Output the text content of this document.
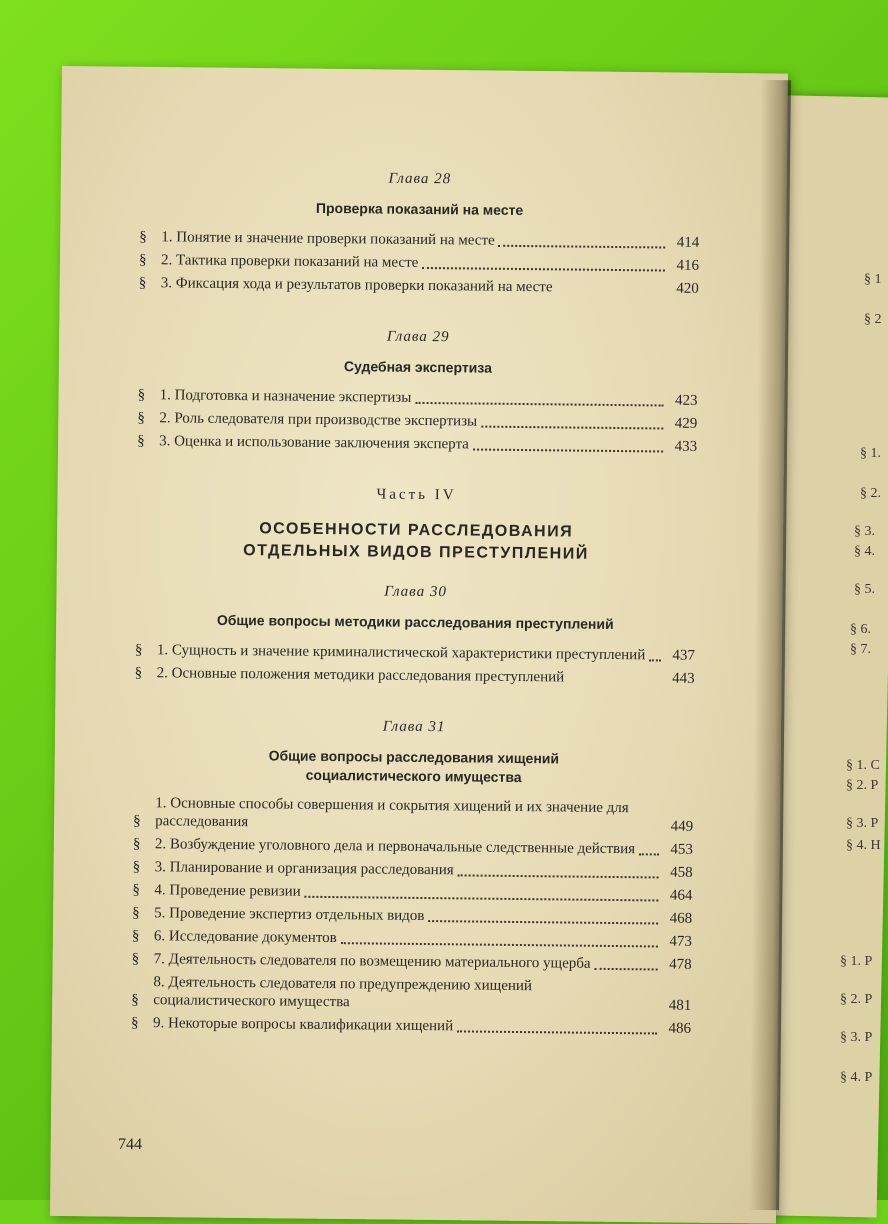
Глава 28
Проверка показаний на месте
§ 1. Понятие и значение проверки показаний на месте	414
§ 2. Тактика проверки показаний на месте	416
§ 3. Фиксация хода и результатов проверки показаний на месте	420
Глава 29
Судебная экспертиза
§ 1. Подготовка и назначение экспертизы	423
§ 2. Роль следователя при производстве экспертизы	429
§ 3. Оценка и использование заключения эксперта	433
Часть IV
ОСОБЕННОСТИ РАССЛЕДОВАНИЯ
ОТДЕЛЬНЫХ ВИДОВ ПРЕСТУПЛЕНИЙ
Глава 30
Общие вопросы методики расследования преступлений
§ 1. Сущность и значение криминалистической характеристики преступлений	437
§ 2. Основные положения методики расследования преступлений	443
Глава 31
Общие вопросы расследования хищений
социалистического имущества
§
1. Основные способы совершения и сокрытия хищений и их значение для расследования	449
§ 2. Возбуждение уголовного дела и первоначальные следственные действия	453
§ 3. Планирование и организация расследования	458
§ 4. Проведение ревизии	464
§ 5. Проведение экспертиз отдельных видов	468
§ 6. Исследование документов	473
§ 7. Деятельность следователя по возмещению материального ущерба	478
§
8. Деятельность следователя по предупреждению хищений социалистического имущества	481
§ 9. Некоторые вопросы квалификации хищений	486
744
§ 1
§ 2
§ 1.
§ 2.
§ 3.
§ 4.
§ 5.
§ 6.
§ 7.
§ 1. С
§ 2. Р
§ 3. Р
§ 4. Н
§ 1. Р
§ 2. Р
§ 3. Р
§ 4. Р
